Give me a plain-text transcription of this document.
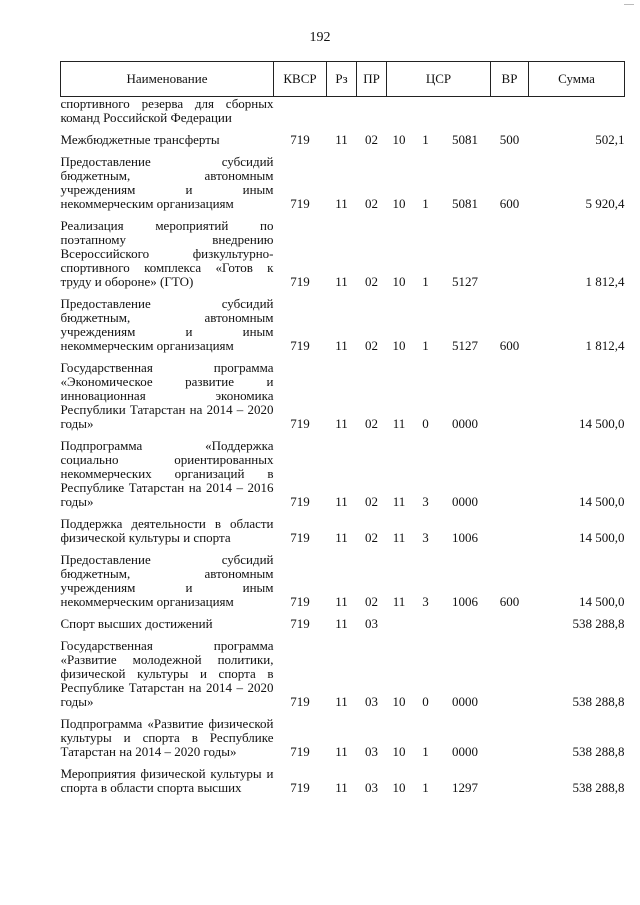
192
Наименование	КВСР	Рз	ПР	ЦСР			ВР	Сумма
спортивного резерва для сборных команд Российской Федерации								

Межбюджетные трансферты	719	11	02	10	1	5081	500	502,1

Предоставление субсидий бюджетным, автономным учреждениям и иным некоммерческим организациям	719	11	02	10	1	5081	600	5 920,4

Реализация мероприятий по поэтапному внедрению Всероссийского физкультурно-спортивного комплекса «Готов к труду и обороне» (ГТО)	719	11	02	10	1	5127		1 812,4

Предоставление субсидий бюджетным, автономным учреждениям и иным некоммерческим организациям	719	11	02	10	1	5127	600	1 812,4

Государственная программа «Экономическое развитие и инновационная экономика Республики Татарстан на 2014 – 2020 годы»	719	11	02	11	0	0000		14 500,0

Подпрограмма «Поддержка социально ориентированных некоммерческих организаций в Республике Татарстан на 2014 – 2016 годы»	719	11	02	11	3	0000		14 500,0

Поддержка деятельности в области физической культуры и спорта	719	11	02	11	3	1006		14 500,0

Предоставление субсидий бюджетным, автономным учреждениям и иным некоммерческим организациям	719	11	02	11	3	1006	600	14 500,0

Спорт высших достижений	719	11	03					538 288,8

Государственная программа «Развитие молодежной политики, физической культуры и спорта в Республике Татарстан на 2014 – 2020 годы»	719	11	03	10	0	0000		538 288,8

Подпрограмма «Развитие физической культуры и спорта в Республике Татарстан на 2014 – 2020 годы»	719	11	03	10	1	0000		538 288,8

Мероприятия физической культуры и спорта в области спорта высших	719	11	03	10	1	1297		538 288,8
